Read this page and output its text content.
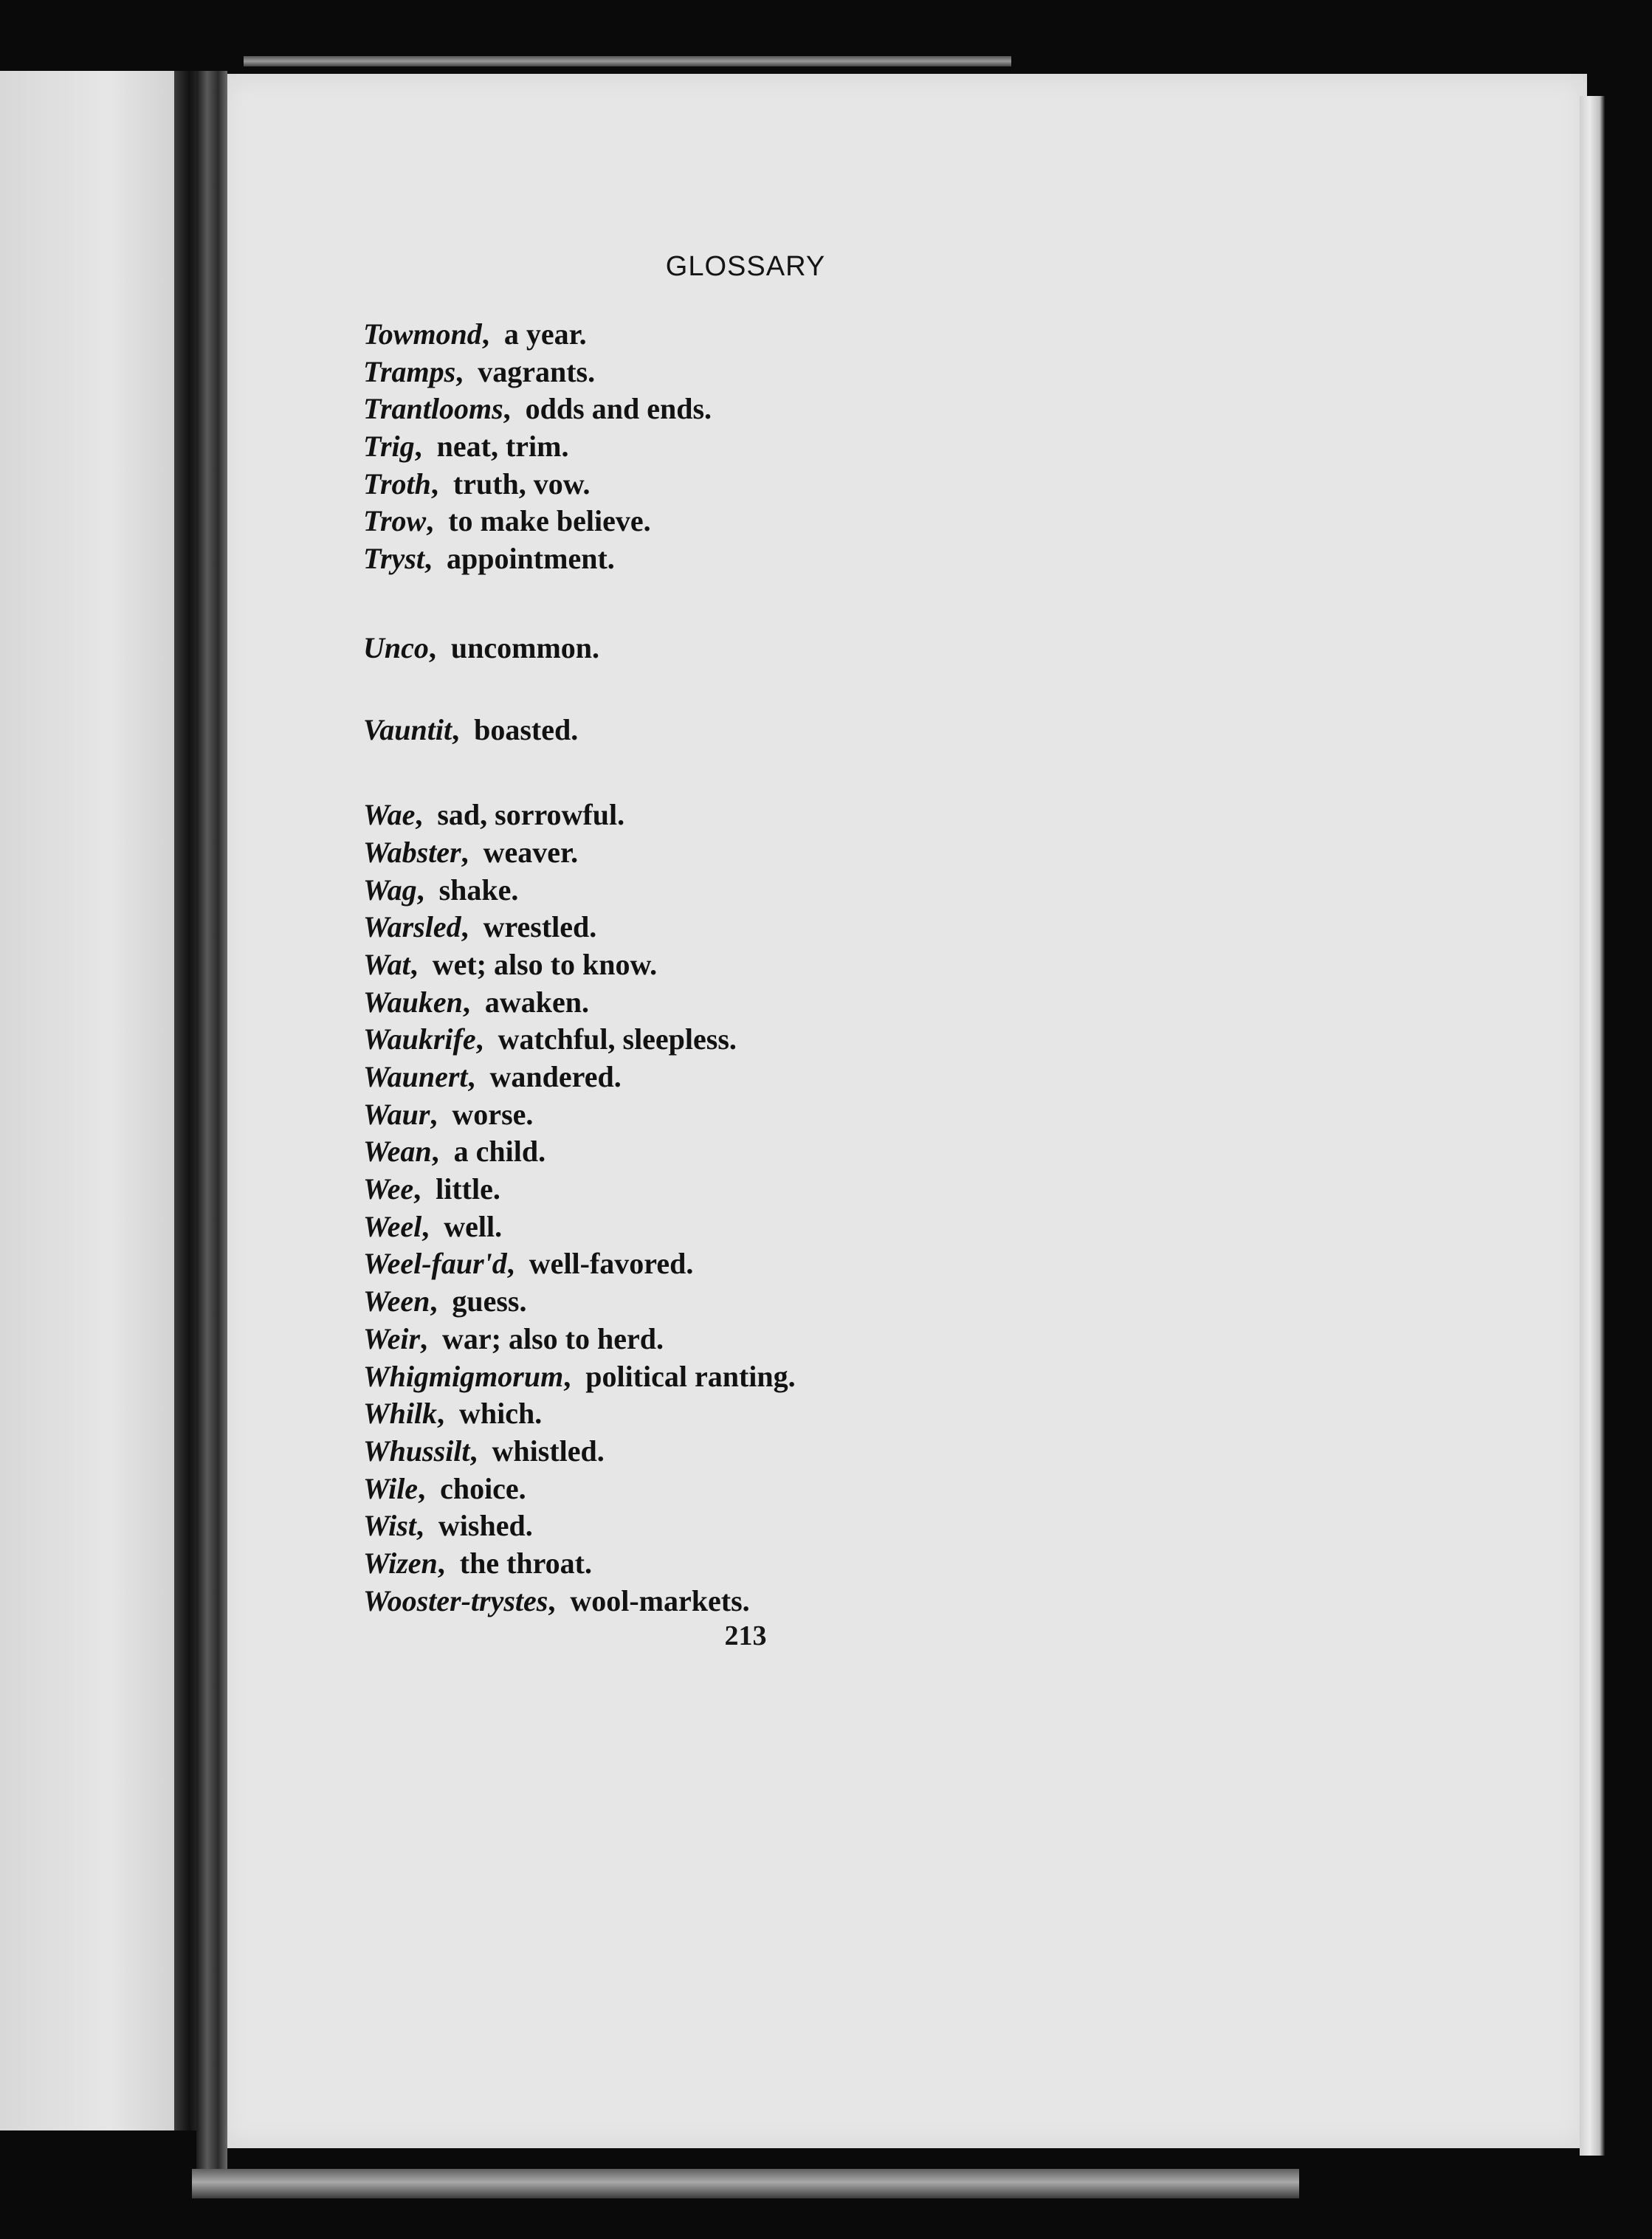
GLOSSARY
Towmond,  a year.
Tramps,  vagrants.
Trantlooms,  odds and ends.
Trig,  neat, trim.
Troth,  truth, vow.
Trow,  to make believe.
Tryst,  appointment.
Unco,  uncommon.
Vauntit,  boasted.
Wae,  sad, sorrowful.
Wabster,  weaver.
Wag,  shake.
Warsled,  wrestled.
Wat,  wet; also to know.
Wauken,  awaken.
Waukrife,  watchful, sleepless.
Waunert,  wandered.
Waur,  worse.
Wean,  a child.
Wee,  little.
Weel,  well.
Weel-faur'd,  well-favored.
Ween,  guess.
Weir,  war; also to herd.
Whigmigmorum,  political ranting.
Whilk,  which.
Whussilt,  whistled.
Wile,  choice.
Wist,  wished.
Wizen,  the throat.
Wooster-trystes,  wool-markets.
213
